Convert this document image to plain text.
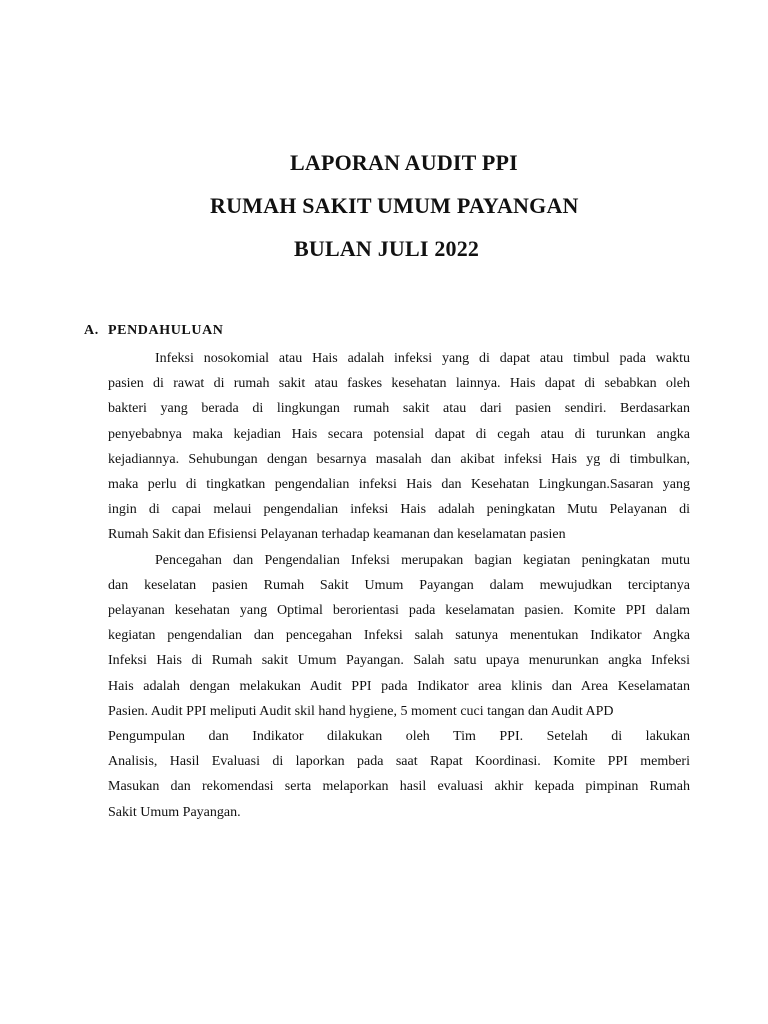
LAPORAN AUDIT PPI
RUMAH SAKIT UMUM PAYANGAN
BULAN JULI 2022
A. PENDAHULUAN

Infeksi nosokomial atau Hais adalah infeksi yang di dapat atau timbul pada waktu
pasien di rawat di rumah sakit atau faskes kesehatan lainnya. Hais dapat di sebabkan oleh
bakteri yang berada di lingkungan rumah sakit atau dari pasien sendiri. Berdasarkan
penyebabnya maka kejadian Hais secara potensial dapat di cegah atau di turunkan angka
kejadiannya. Sehubungan dengan besarnya masalah dan akibat infeksi Hais yg di timbulkan,
maka perlu di tingkatkan pengendalian infeksi Hais dan Kesehatan Lingkungan.Sasaran yang
ingin di capai melaui pengendalian infeksi Hais adalah peningkatan Mutu Pelayanan di
Rumah Sakit dan Efisiensi Pelayanan terhadap keamanan dan keselamatan pasien

Pencegahan dan Pengendalian Infeksi merupakan bagian kegiatan peningkatan mutu
dan keselatan pasien Rumah Sakit Umum Payangan dalam mewujudkan terciptanya
pelayanan kesehatan yang Optimal berorientasi pada keselamatan pasien. Komite PPI dalam
kegiatan pengendalian dan pencegahan Infeksi salah satunya menentukan Indikator Angka
Infeksi Hais di Rumah sakit Umum Payangan. Salah satu upaya menurunkan angka Infeksi
Hais adalah dengan melakukan Audit PPI pada Indikator area klinis dan Area Keselamatan
Pasien. Audit PPI meliputi Audit skil hand hygiene, 5 moment cuci tangan dan Audit APD
Pengumpulan dan Indikator dilakukan oleh Tim PPI. Setelah di lakukan
Analisis, Hasil Evaluasi di laporkan pada saat Rapat Koordinasi. Komite PPI memberi
Masukan dan rekomendasi serta melaporkan hasil evaluasi akhir kepada pimpinan Rumah
Sakit Umum Payangan.
